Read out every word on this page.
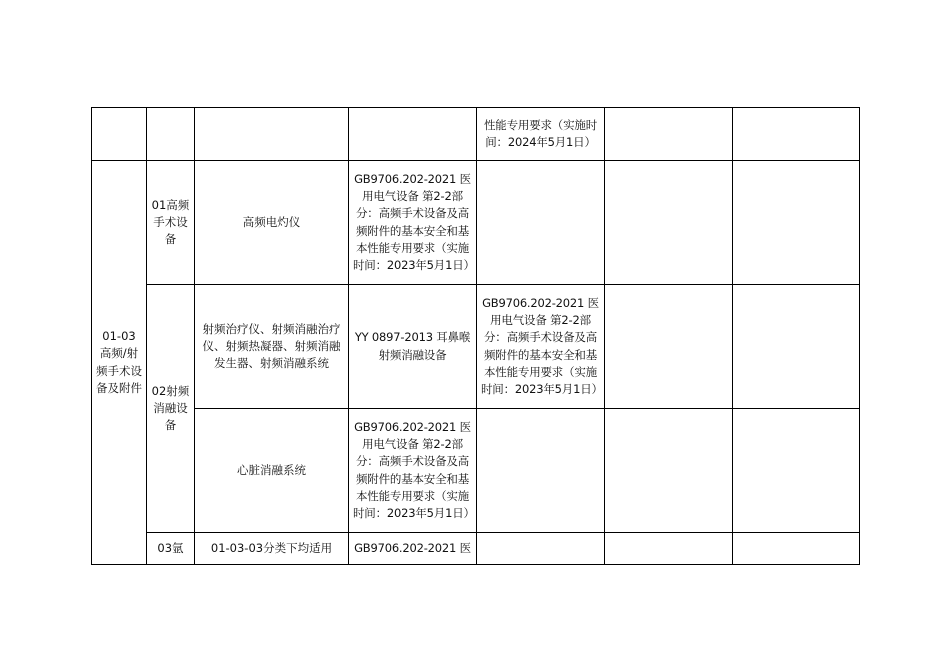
				性能专用要求（实施时间：2024年5月1日）		
01-03 高频/射频手术设备及附件	01高频手术设备	高频电灼仪	GB9706.202-2021 医用电气设备 第2-2部分：高频手术设备及高频附件的基本安全和基本性能专用要求（实施时间：2023年5月1日）			
	02射频消融设备	射频治疗仪、射频消融治疗仪、射频热凝器、射频消融发生器、射频消融系统	YY 0897-2013 耳鼻喉射频消融设备	GB9706.202-2021 医用电气设备 第2-2部分：高频手术设备及高频附件的基本安全和基本性能专用要求（实施时间：2023年5月1日）		
		心脏消融系统	GB9706.202-2021 医用电气设备 第2-2部分：高频手术设备及高频附件的基本安全和基本性能专用要求（实施时间：2023年5月1日）			
	03氩	01-03-03分类下均适用	GB9706.202-2021 医			
